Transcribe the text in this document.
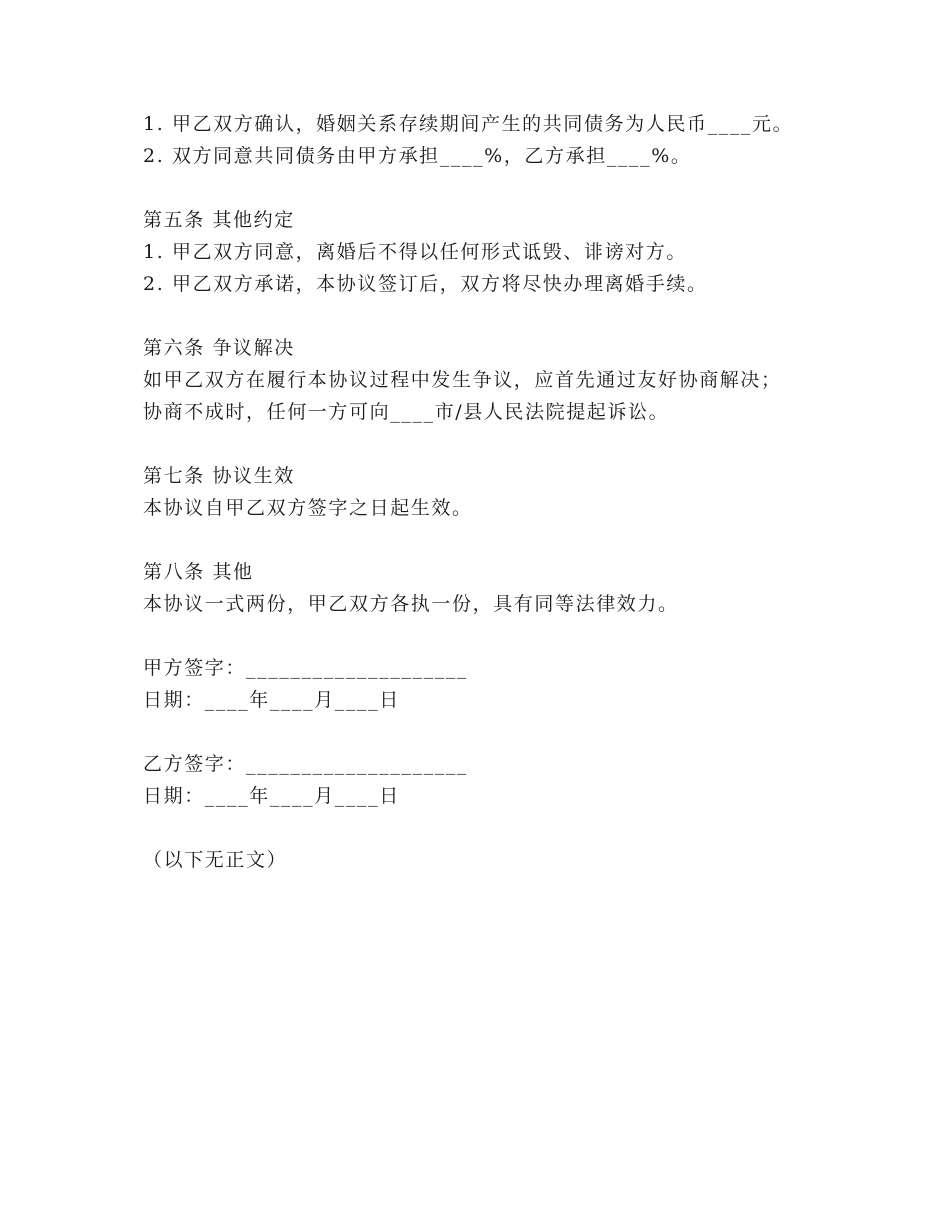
1. 甲乙双方确认，婚姻关系存续期间产生的共同债务为人民币____元。
2. 双方同意共同债务由甲方承担____%，乙方承担____%。
第五条 其他约定
1. 甲乙双方同意，离婚后不得以任何形式诋毁、诽谤对方。
2. 甲乙双方承诺，本协议签订后，双方将尽快办理离婚手续。
第六条 争议解决
如甲乙双方在履行本协议过程中发生争议，应首先通过友好协商解决；
协商不成时，任何一方可向____市/县人民法院提起诉讼。
第七条 协议生效
本协议自甲乙双方签字之日起生效。
第八条 其他
本协议一式两份，甲乙双方各执一份，具有同等法律效力。
甲方签字：____________________
日期：____年____月____日
乙方签字：____________________
日期：____年____月____日
（以下无正文）
